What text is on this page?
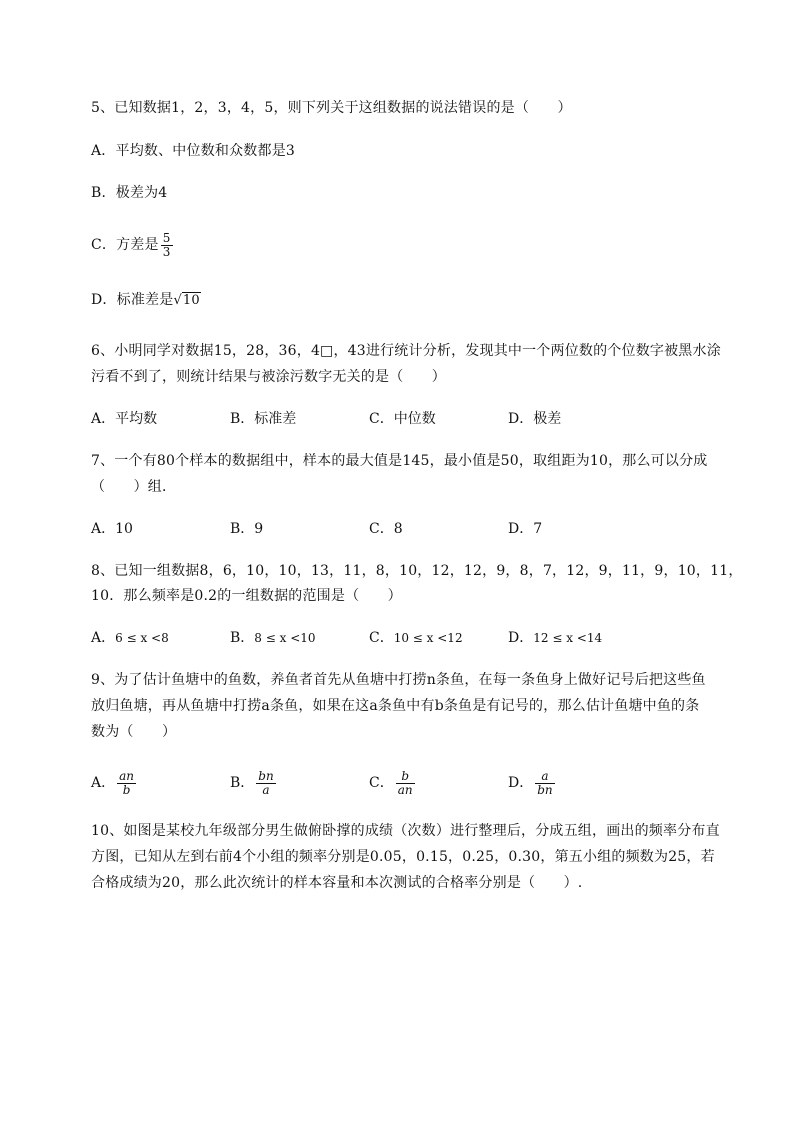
5、已知数据1，2，3，4，5，则下列关于这组数据的说法错误的是（　　）
A．平均数、中位数和众数都是3
B．极差为4
C．方差是 $\frac{5}{3}$
D．标准差是√10
6、小明同学对数据15，28，36，4□，43进行统计分析，发现其中一个两位数的个位数字被黑水涂
污看不到了，则统计结果与被涂污数字无关的是（　　）
A．平均数	B．标准差	C．中位数	D．极差
7、一个有80个样本的数据组中，样本的最大值是145，最小值是50，取组距为10，那么可以分成
（　　）组．
A．10	B．9	C．8	D．7
8、已知一组数据8，6，10，10，13，11，8，10，12，12，9，8，7，12，9，11，9，10，11，
10．那么频率是0.2的一组数据的范围是（　　）
A．6 ≤ x <8	B．8 ≤ x <10	C．10 ≤ x <12	D．12 ≤ x <14
9、为了估计鱼塘中的鱼数，养鱼者首先从鱼塘中打捞n条鱼，在每一条鱼身上做好记号后把这些鱼
放归鱼塘，再从鱼塘中打捞a条鱼，如果在这a条鱼中有b条鱼是有记号的，那么估计鱼塘中鱼的条
数为（　　）
A． $\frac{an}{b}$	B． $\frac{bn}{a}$	C． $\frac{b}{an}$	D． $\frac{a}{bn}$
10、如图是某校九年级部分男生做俯卧撑的成绩（次数）进行整理后，分成五组，画出的频率分布直
方图，已知从左到右前4个小组的频率分别是0.05，0.15，0.25，0.30，第五小组的频数为25，若
合格成绩为20，那么此次统计的样本容量和本次测试的合格率分别是（　　）.
